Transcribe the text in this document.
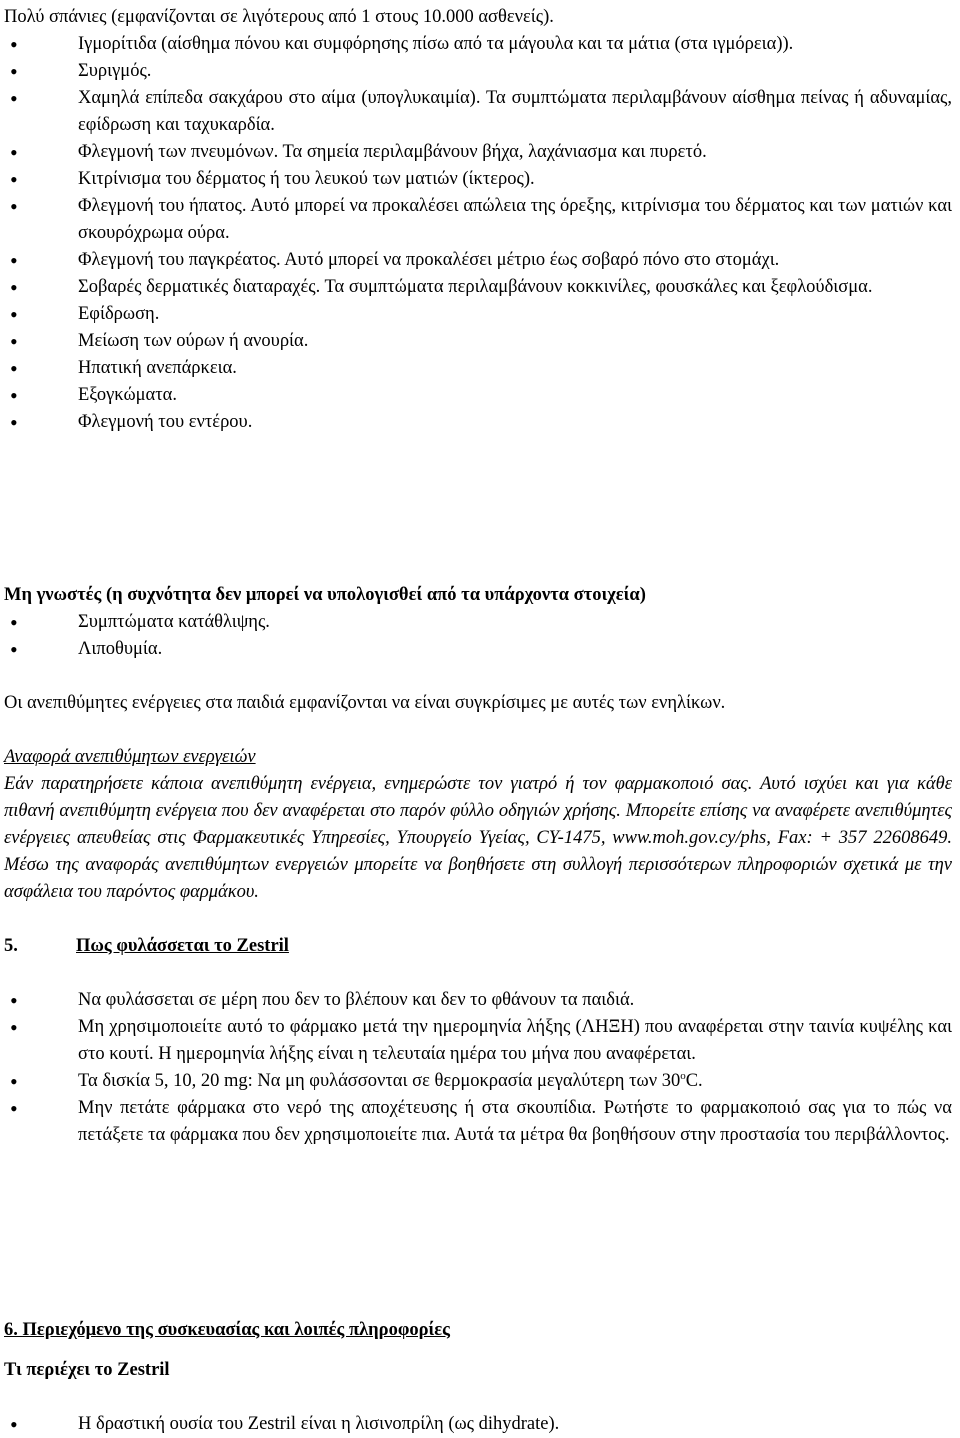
Πολύ σπάνιες (εμφανίζονται σε λιγότερους από 1 στους 10.000 ασθενείς).

• Ιγμορίτιδα (αίσθημα πόνου και συμφόρησης πίσω από τα μάγουλα και τα μάτια (στα ιγμόρεια)).
• Συριγμός.
• Χαμηλά επίπεδα σακχάρου στο αίμα (υπογλυκαιμία). Τα συμπτώματα περιλαμβάνουν αίσθημα πείνας ή αδυναμίας, εφίδρωση και ταχυκαρδία.
• Φλεγμονή των πνευμόνων. Τα σημεία περιλαμβάνουν βήχα, λαχάνιασμα και πυρετό.
• Κιτρίνισμα του δέρματος ή του λευκού των ματιών (ίκτερος).
• Φλεγμονή του ήπατος. Αυτό μπορεί να προκαλέσει απώλεια της όρεξης, κιτρίνισμα του δέρματος και των ματιών και σκουρόχρωμα ούρα.
• Φλεγμονή του παγκρέατος. Αυτό μπορεί να προκαλέσει μέτριο έως σοβαρό πόνο στο στομάχι.
• Σοβαρές δερματικές διαταραχές. Τα συμπτώματα περιλαμβάνουν κοκκινίλες, φουσκάλες και ξεφλούδισμα.
• Εφίδρωση.
• Μείωση των ούρων ή ανουρία.
• Ηπατική ανεπάρκεια.
• Εξογκώματα.
• Φλεγμονή του εντέρου.

Μη γνωστές (η συχνότητα δεν μπορεί να υπολογισθεί από τα υπάρχοντα στοιχεία)

• Συμπτώματα κατάθλιψης.
• Λιποθυμία.

Οι ανεπιθύμητες ενέργειες στα παιδιά εμφανίζονται να είναι συγκρίσιμες με αυτές των ενηλίκων.

Αναφορά ανεπιθύμητων ενεργειών

Εάν παρατηρήσετε κάποια ανεπιθύμητη ενέργεια, ενημερώστε τον γιατρό ή τον φαρμακοποιό σας. Αυτό ισχύει και για κάθε πιθανή ανεπιθύμητη ενέργεια που δεν αναφέρεται στο παρόν φύλλο οδηγιών χρήσης. Μπορείτε επίσης να αναφέρετε ανεπιθύμητες ενέργειες απευθείας στις Φαρμακευτικές Υπηρεσίες, Υπουργείο Υγείας, CY-1475, www.moh.gov.cy/phs, Fax: + 357 22608649. Μέσω της αναφοράς ανεπιθύμητων ενεργειών μπορείτε να βοηθήσετε στη συλλογή περισσότερων πληροφοριών σχετικά με την ασφάλεια του παρόντος φαρμάκου.

5.	Πως φυλάσσεται το Zestril

• Να φυλάσσεται σε μέρη που δεν το βλέπουν και δεν το φθάνουν τα παιδιά.
• Μη χρησιμοποιείτε αυτό το φάρμακο μετά την ημερομηνία λήξης (ΛΗΞΗ) που αναφέρεται στην ταινία κυψέλης και στο κουτί. Η ημερομηνία λήξης είναι η τελευταία ημέρα του μήνα που αναφέρεται.
• Τα δισκία 5, 10, 20 mg: Να μη φυλάσσονται σε θερμοκρασία μεγαλύτερη των $30^oC$.
• Μην πετάτε φάρμακα στο νερό της αποχέτευσης ή στα σκουπίδια. Ρωτήστε το φαρμακοποιό σας για το πώς να πετάξετε τα φάρμακα που δεν χρησιμοποιείτε πια. Αυτά τα μέτρα θα βοηθήσουν στην προστασία του περιβάλλοντος.

6. Περιεχόμενο της συσκευασίας και λοιπές πληροφορίες

Τι περιέχει το Zestril

• Η δραστική ουσία του Zestril είναι η λισινοπρίλη (ως dihydrate).
